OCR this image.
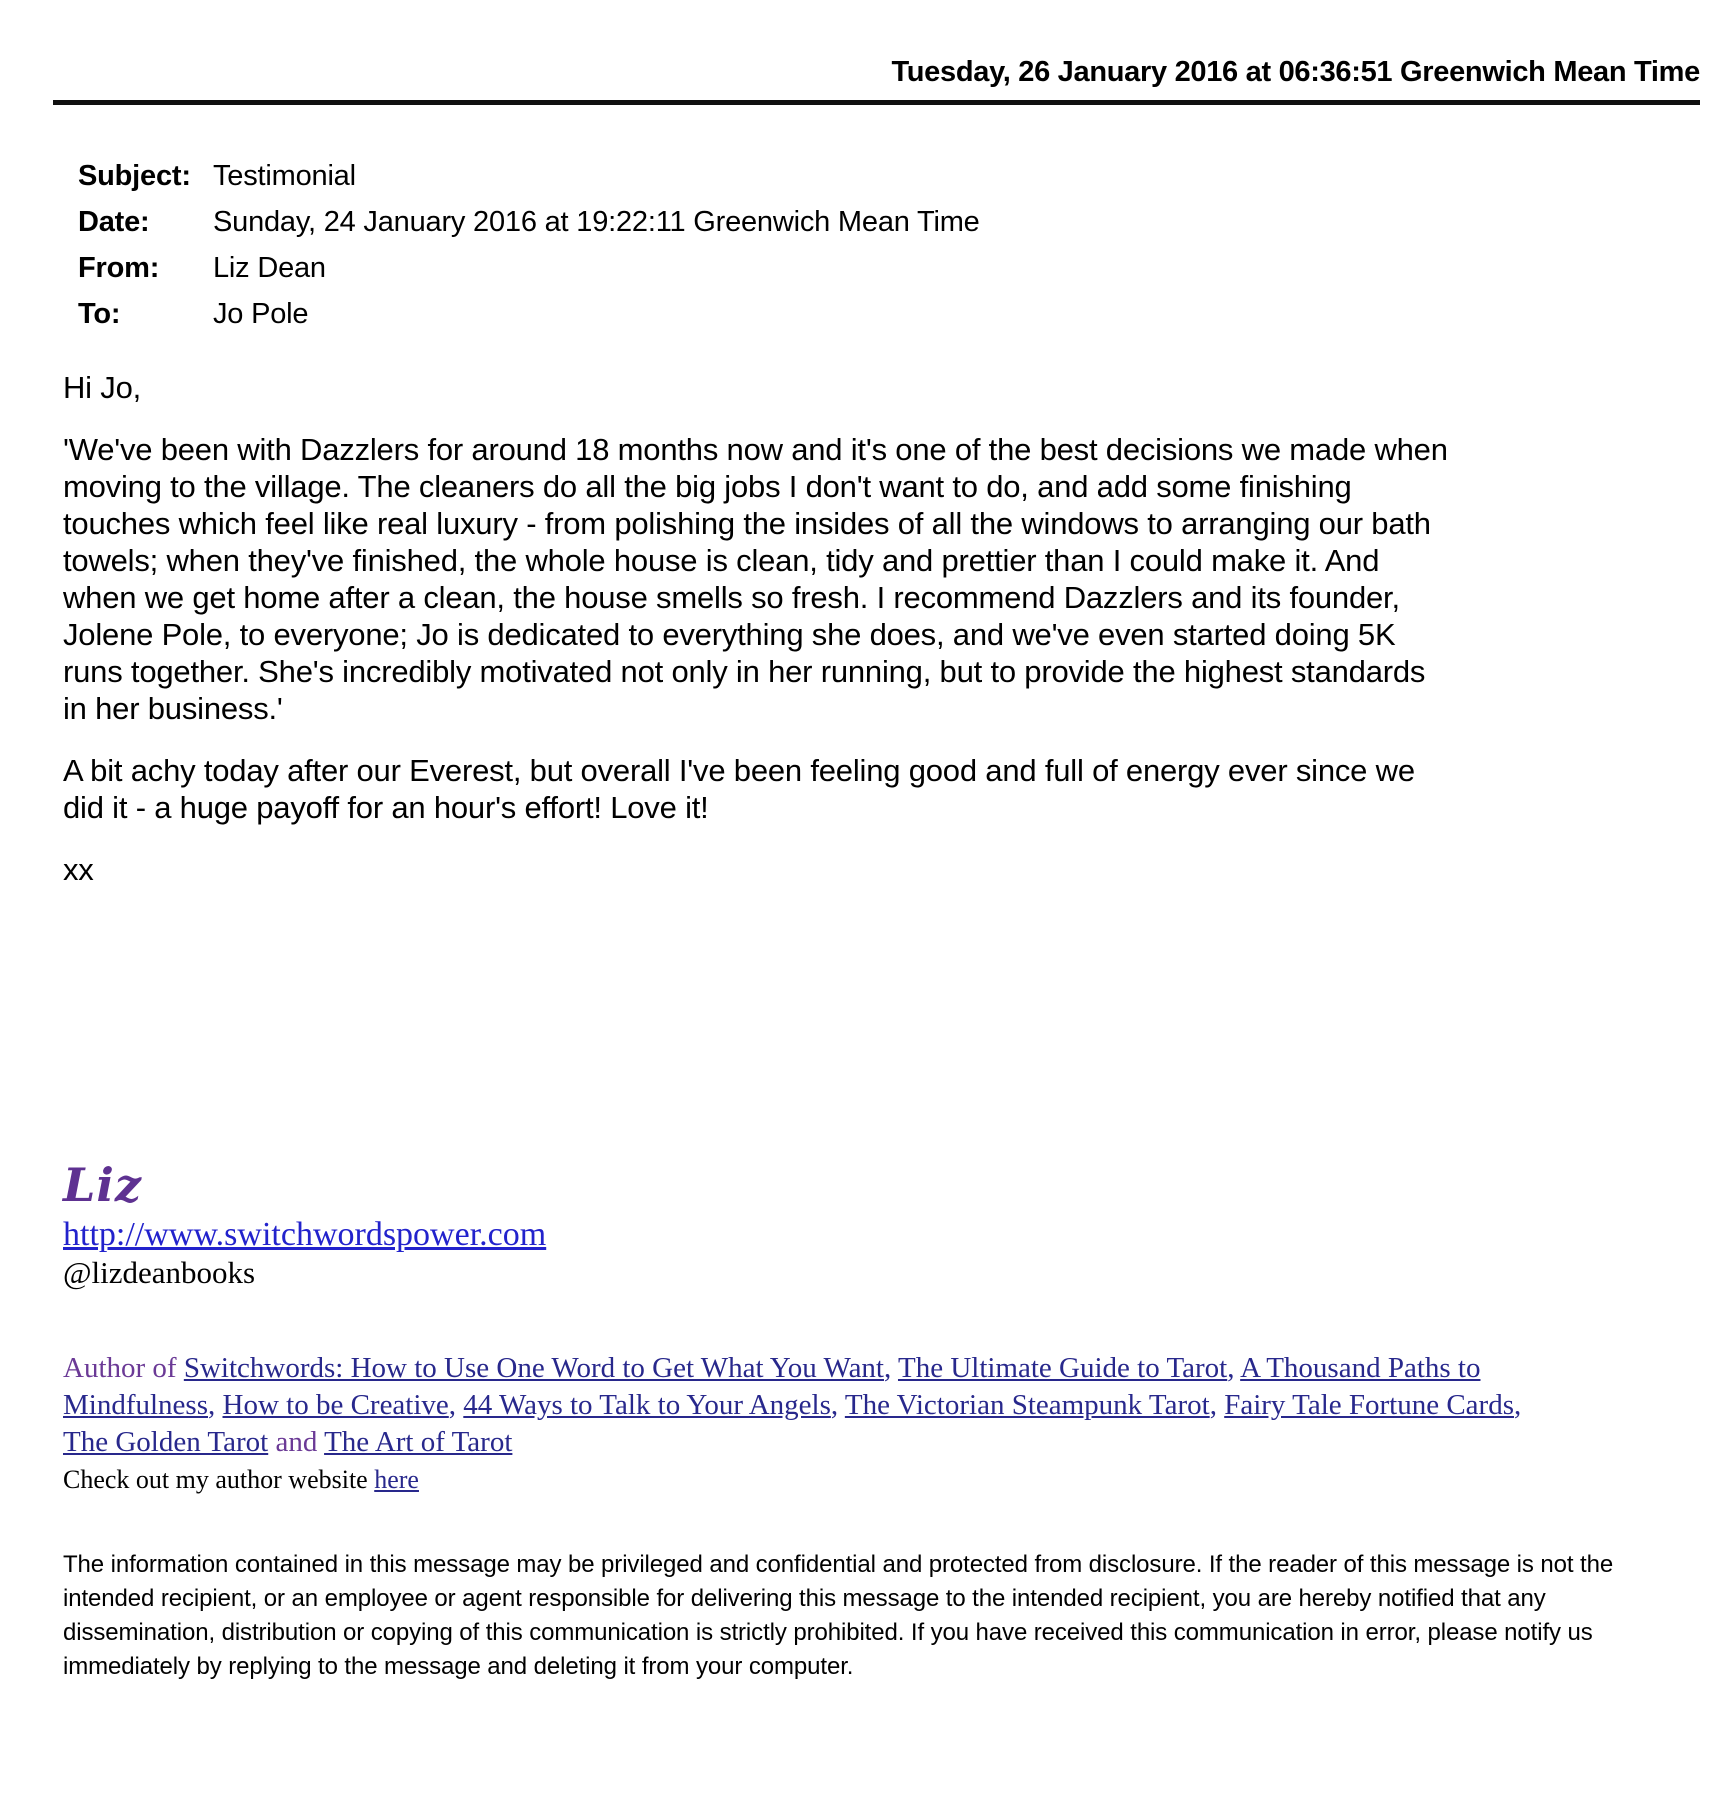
Tuesday, 26 January 2016 at 06:36:51 Greenwich Mean Time
Subject: Testimonial
Date:	Sunday, 24 January 2016 at 19:22:11 Greenwich Mean Time
From:	Liz Dean
To:	Jo Pole

Hi Jo,

'We've been with Dazzlers for around 18 months now and it's one of the best decisions we made when moving to the village. The cleaners do all the big jobs I don't want to do, and add some finishing touches which feel like real luxury - from polishing the insides of all the windows to arranging our bath towels; when they've finished, the whole house is clean, tidy and prettier than I could make it. And when we get home after a clean, the house smells so fresh. I recommend Dazzlers and its founder, Jolene Pole, to everyone; Jo is dedicated to everything she does, and we've even started doing 5K runs together. She's incredibly motivated not only in her running, but to provide the highest standards in her business.'

A bit achy today after our Everest, but overall I've been feeling good and full of energy ever since we did it - a huge payoff for an hour's effort! Love it!

xx

Liz
http://www.switchwordspower.com
@lizdeanbooks
Author of Switchwords: How to Use One Word to Get What You Want, The Ultimate Guide to Tarot, A Thousand Paths to Mindfulness, How to be Creative, 44 Ways to Talk to Your Angels, The Victorian Steampunk Tarot, Fairy Tale Fortune Cards, The Golden Tarot and The Art of Tarot
Check out my author website here
The information contained in this message may be privileged and confidential and protected from disclosure. If the reader of this message is not the intended recipient, or an employee or agent responsible for delivering this message to the intended recipient, you are hereby notified that any dissemination, distribution or copying of this communication is strictly prohibited. If you have received this communication in error, please notify us immediately by replying to the message and deleting it from your computer.
